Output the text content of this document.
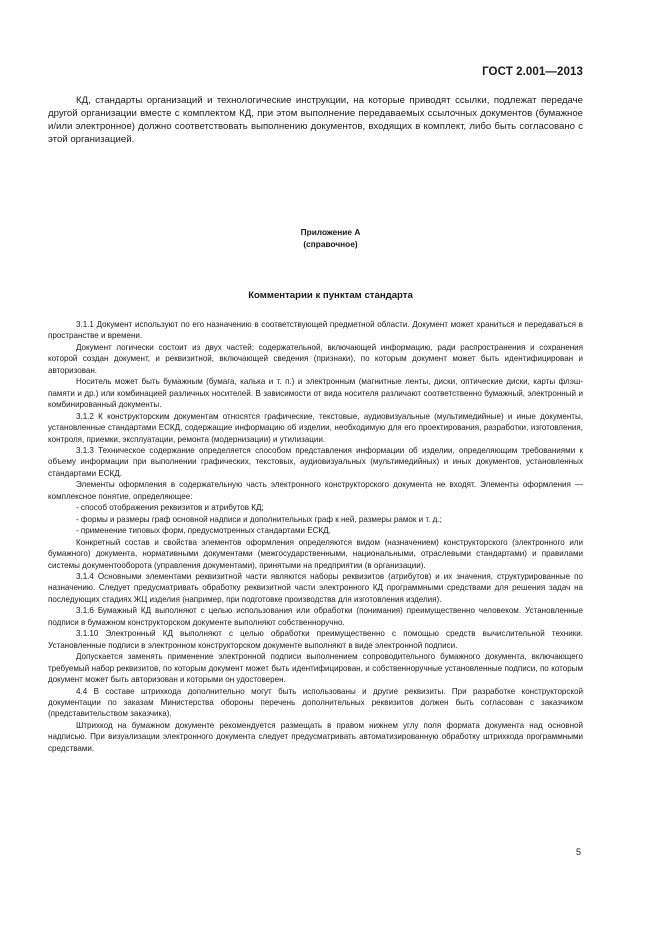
ГОСТ 2.001—2013

КД, стандарты организаций и технологические инструкции, на которые приводят ссылки, подлежат передаче другой организации вместе с комплектом КД, при этом выполнение передаваемых ссылочных документов (бумажное и/или электронное) должно соответствовать выполнению документов, входящих в комплект, либо быть согласовано с этой организацией.

Приложение А
(справочное)
Комментарии к пунктам стандарта

3.1.1 Документ используют по его назначению в соответствующей предметной области. Документ может храниться и передаваться в пространстве и времени.

Документ логически состоит из двух частей: содержательной, включающей информацию, ради распространения и сохранения которой создан документ, и реквизитной, включающей сведения (признаки), по которым документ может быть идентифицирован и авторизован.

Носитель может быть бумажным (бумага, калька и т. п.) и электронным (магнитные ленты, диски, оптические диски, карты флэш-памяти и др.) или комбинацией различных носителей. В зависимости от вида носителя различают соответственно бумажный, электронный и комбинированный документы.

3.1.2 К конструкторским документам относятся графические, текстовые, аудиовизуальные (мультимедийные) и иные документы, установленные стандартами ЕСКД, содержащие информацию об изделии, необходимую для его проектирования, разработки, изготовления, контроля, приемки, эксплуатации, ремонта (модернизации) и утилизации.

3.1.3 Техническое содержание определяется способом представления информации об изделии, определяющим требованиями к объему информации при выполнении графических, текстовых, аудиовизуальных (мультимедийных) и иных документов, установленных стандартами ЕСКД.

Элементы оформления в содержательную часть электронного конструкторского документа не входят. Элементы оформления — комплексное понятие, определяющее:

- способ отображения реквизитов и атрибутов КД;

- формы и размеры граф основной надписи и дополнительных граф к ней, размеры рамок и т. д.;

- применение типовых форм, предусмотренных стандартами ЕСКД.

Конкретный состав и свойства элементов оформления определяются видом (назначением) конструкторского (электронного или бумажного) документа, нормативными документами (межгосударственными, национальными, отраслевыми стандартами) и правилами системы документооборота (управления документами), принятыми на предприятии (в организации).

3.1.4 Основными элементами реквизитной части являются наборы реквизитов (атрибутов) и их значения, структурированные по назначению. Следует предусматривать обработку реквизитной части электронного КД программными средствами для решения задач на последующих стадиях ЖЦ изделия (например, при подготовке производства для изготовления изделия).

3.1.6 Бумажный КД выполняют с целью использования или обработки (понимания) преимущественно человеком. Установленные подписи в бумажном конструкторском документе выполняют собственноручно.

3.1.10 Электронный КД выполняют с целью обработки преимущественно с помощью средств вычислительной техники. Установленные подписи в электронном конструкторском документе выполняют в виде электронной подписи.

Допускается заменять применение электронной подписи выполнением сопроводительного бумажного документа, включающего требуемый набор реквизитов, по которым документ может быть идентифицирован, и собственноручные установленные подписи, по которым документ может быть авторизован и которыми он удостоверен.

4.4 В составе штрихкода дополнительно могут быть использованы и другие реквизиты. При разработке конструкторской документации по заказам Министерства обороны перечень дополнительных реквизитов должен быть согласован с заказчиком (представительством заказчика).

Штрихкод на бумажном документе рекомендуется размещать в правом нижнем углу поля формата документа над основной надписью. При визуализации электронного документа следует предусматривать автоматизированную обработку штрихкода программными средствами.

5
